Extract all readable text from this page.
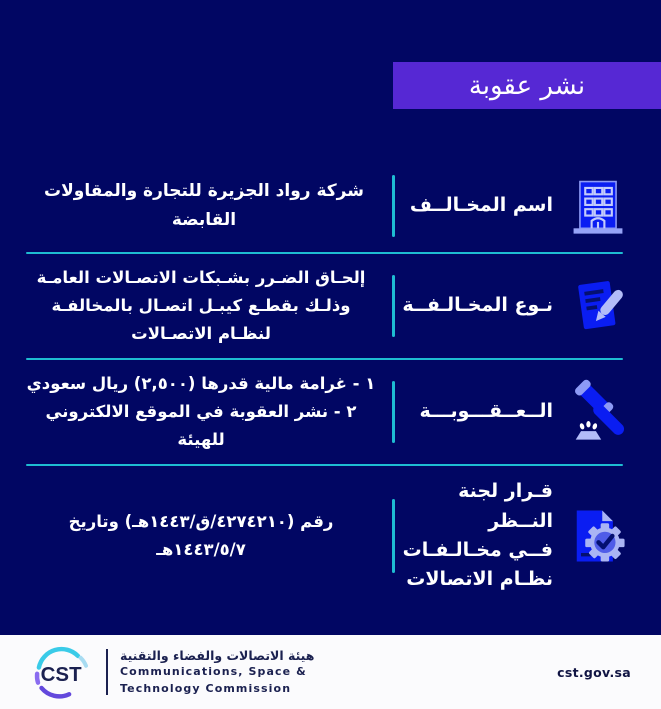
نشر عقوبة
اسم المخـالــف
شركة رواد الجزيرة للتجارة والمقاولات القابضة
نـوع المخـالـفــة
إلحـاق الضـرر بشـبكات الاتصـالات العامـة وذلـك بقطـع كيبـل اتصـال بالمخالفـة لنظـام الاتصـالات
الــعــقـــوبـــة
١ - غرامة مالية قدرها (٢,٥٠٠) ريال سعودي
٢ - نشر العقوبة في الموقع الالكتروني للهيئة
قـرار لجنة النــظر
فــي مخـالـفـات
نظـام الاتصالات
رقم (٤٢٧٤٢١٠/ق/١٤٤٣هـ) وتاريخ ١٤٤٣/٥/٧هـ
CST
هيئة الاتصالات والفضاء والتقنية
Communications, Space &
Technology Commission
cst.gov.sa
